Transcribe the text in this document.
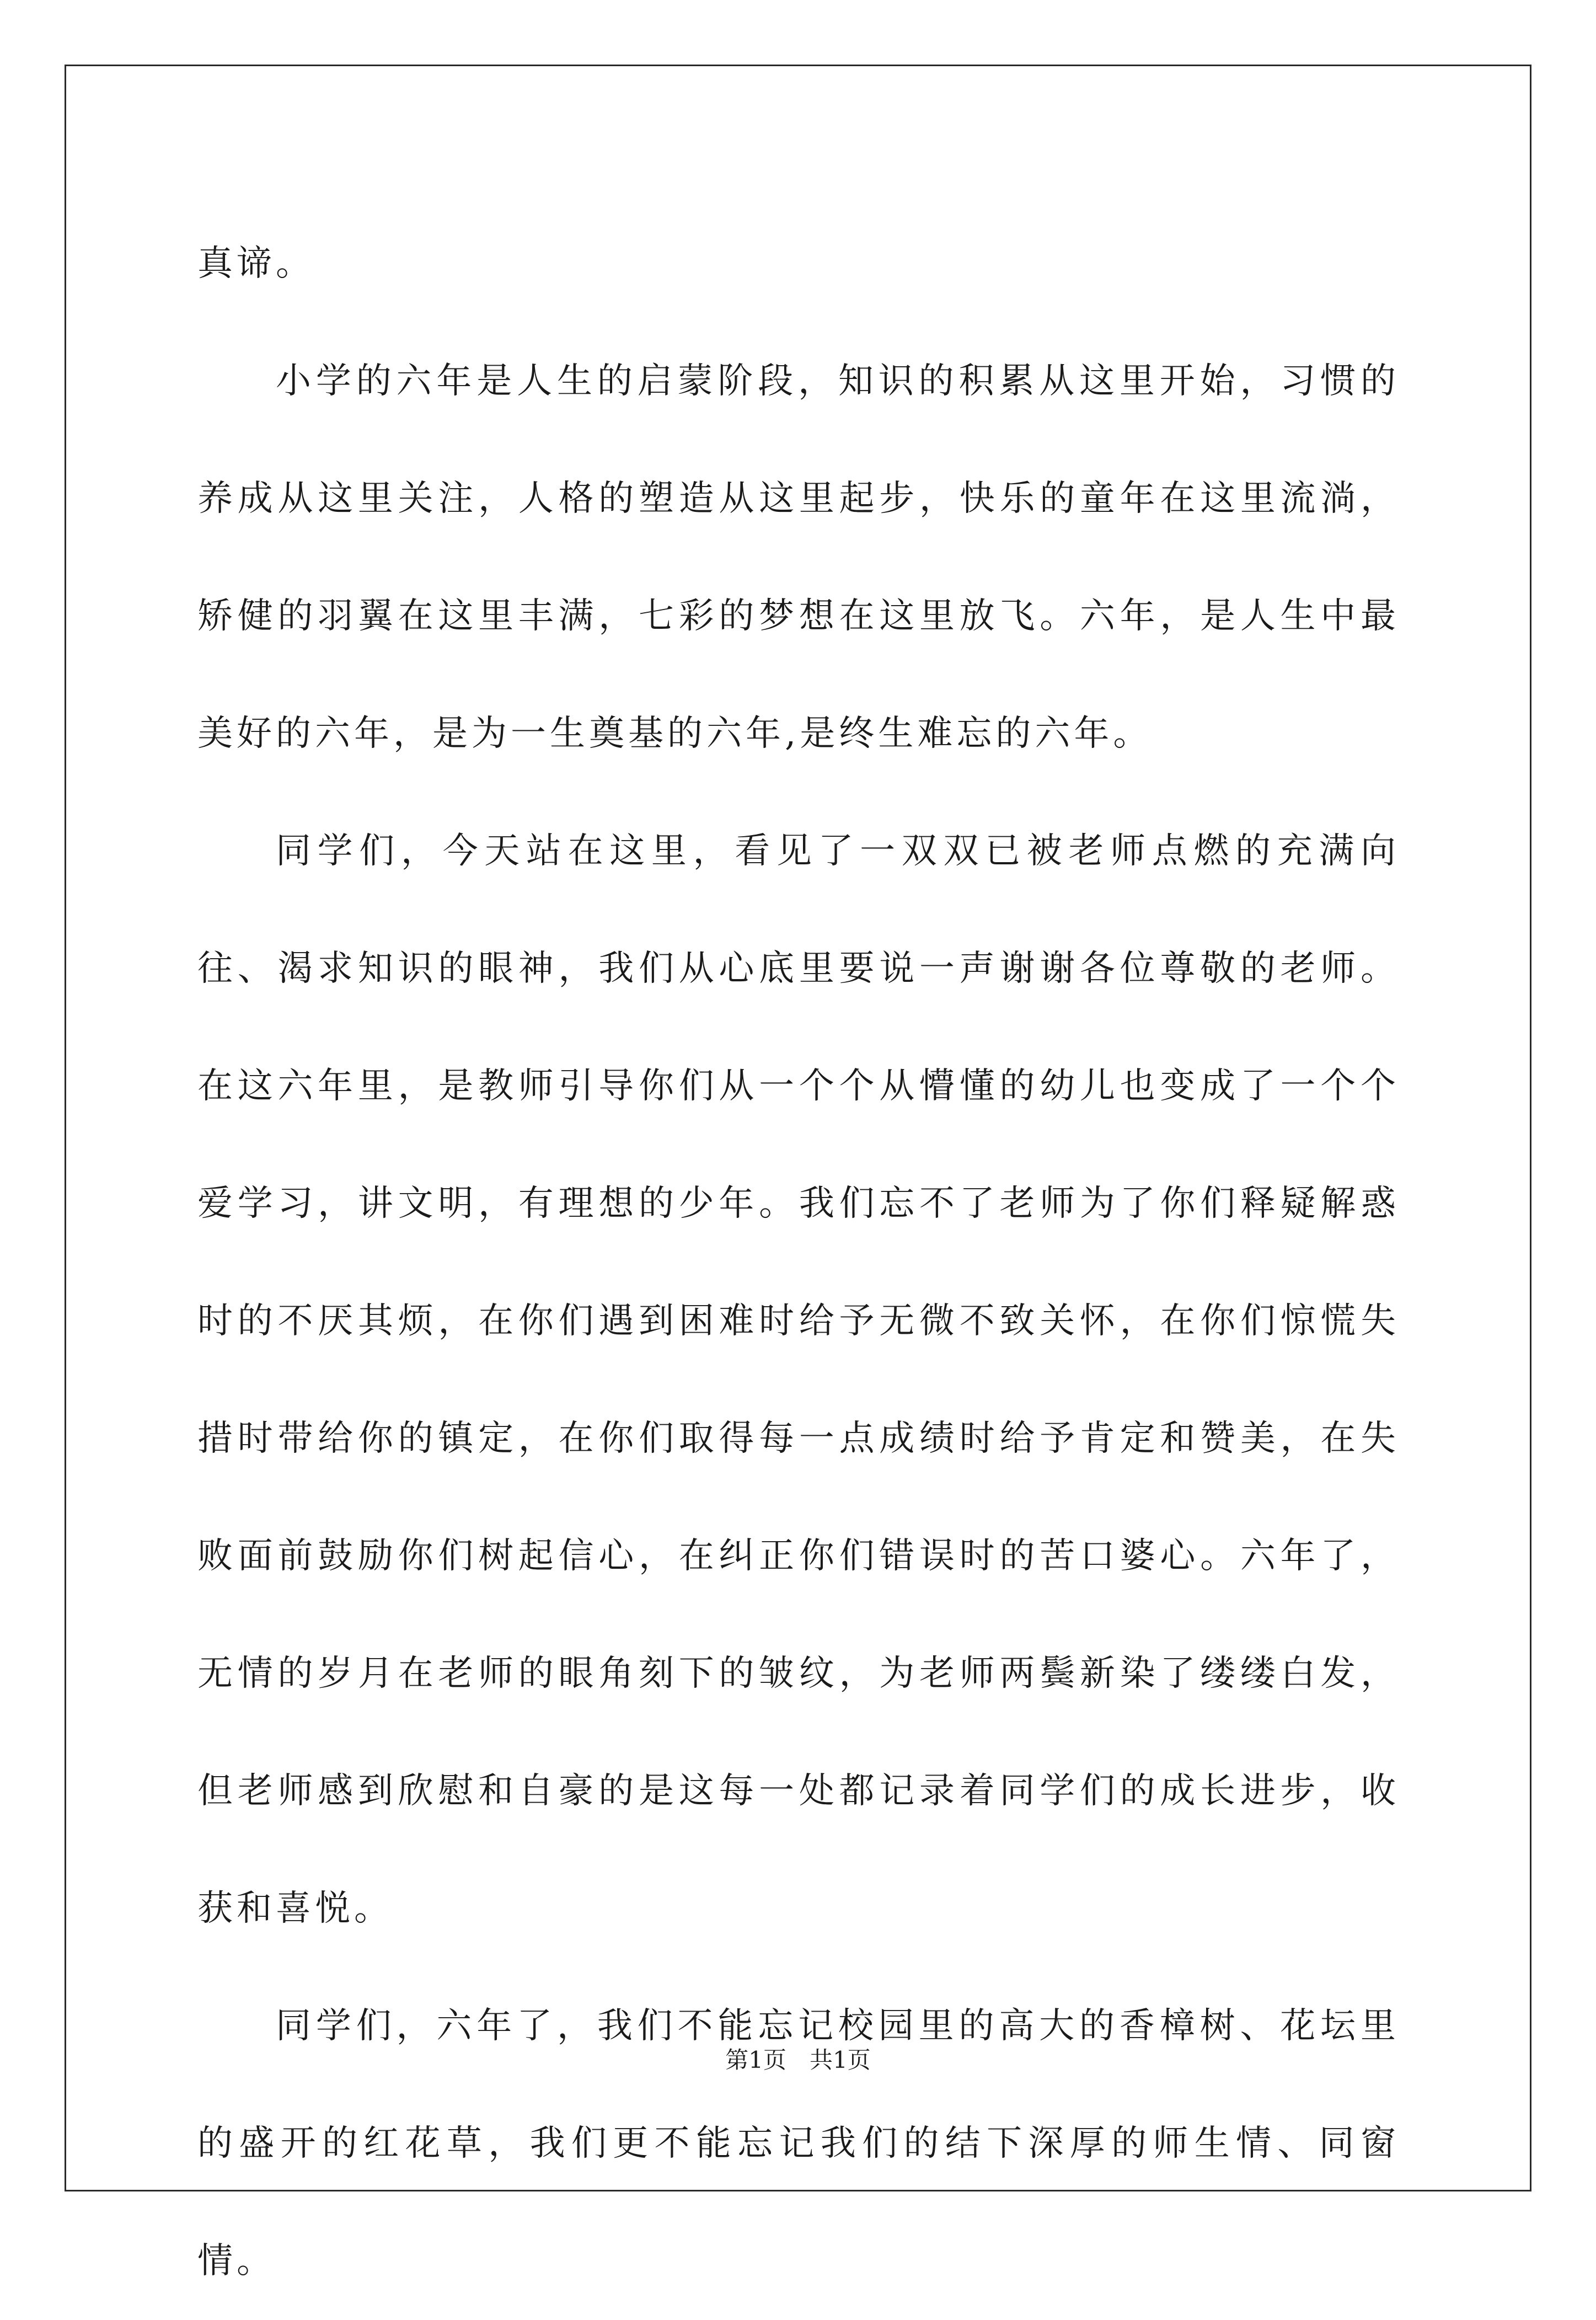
真谛。

小学的六年是人生的启蒙阶段，知识的积累从这里开始，习惯的养成从这里关注，人格的塑造从这里起步，快乐的童年在这里流淌，矫健的羽翼在这里丰满，七彩的梦想在这里放飞。六年，是人生中最美好的六年，是为一生奠基的六年,是终生难忘的六年。

同学们，今天站在这里，看见了一双双已被老师点燃的充满向往、渴求知识的眼神，我们从心底里要说一声谢谢各位尊敬的老师。在这六年里，是教师引导你们从一个个从懵懂的幼儿也变成了一个个爱学习，讲文明，有理想的少年。我们忘不了老师为了你们释疑解惑时的不厌其烦，在你们遇到困难时给予无微不致关怀，在你们惊慌失措时带给你的镇定，在你们取得每一点成绩时给予肯定和赞美，在失败面前鼓励你们树起信心，在纠正你们错误时的苦口婆心。六年了，无情的岁月在老师的眼角刻下的皱纹，为老师两鬓新染了缕缕白发，但老师感到欣慰和自豪的是这每一处都记录着同学们的成长进步，收获和喜悦。

同学们，六年了，我们不能忘记校园里的高大的香樟树、花坛里的盛开的红花草，我们更不能忘记我们的结下深厚的师生情、同窗情。

第1页　共1页
